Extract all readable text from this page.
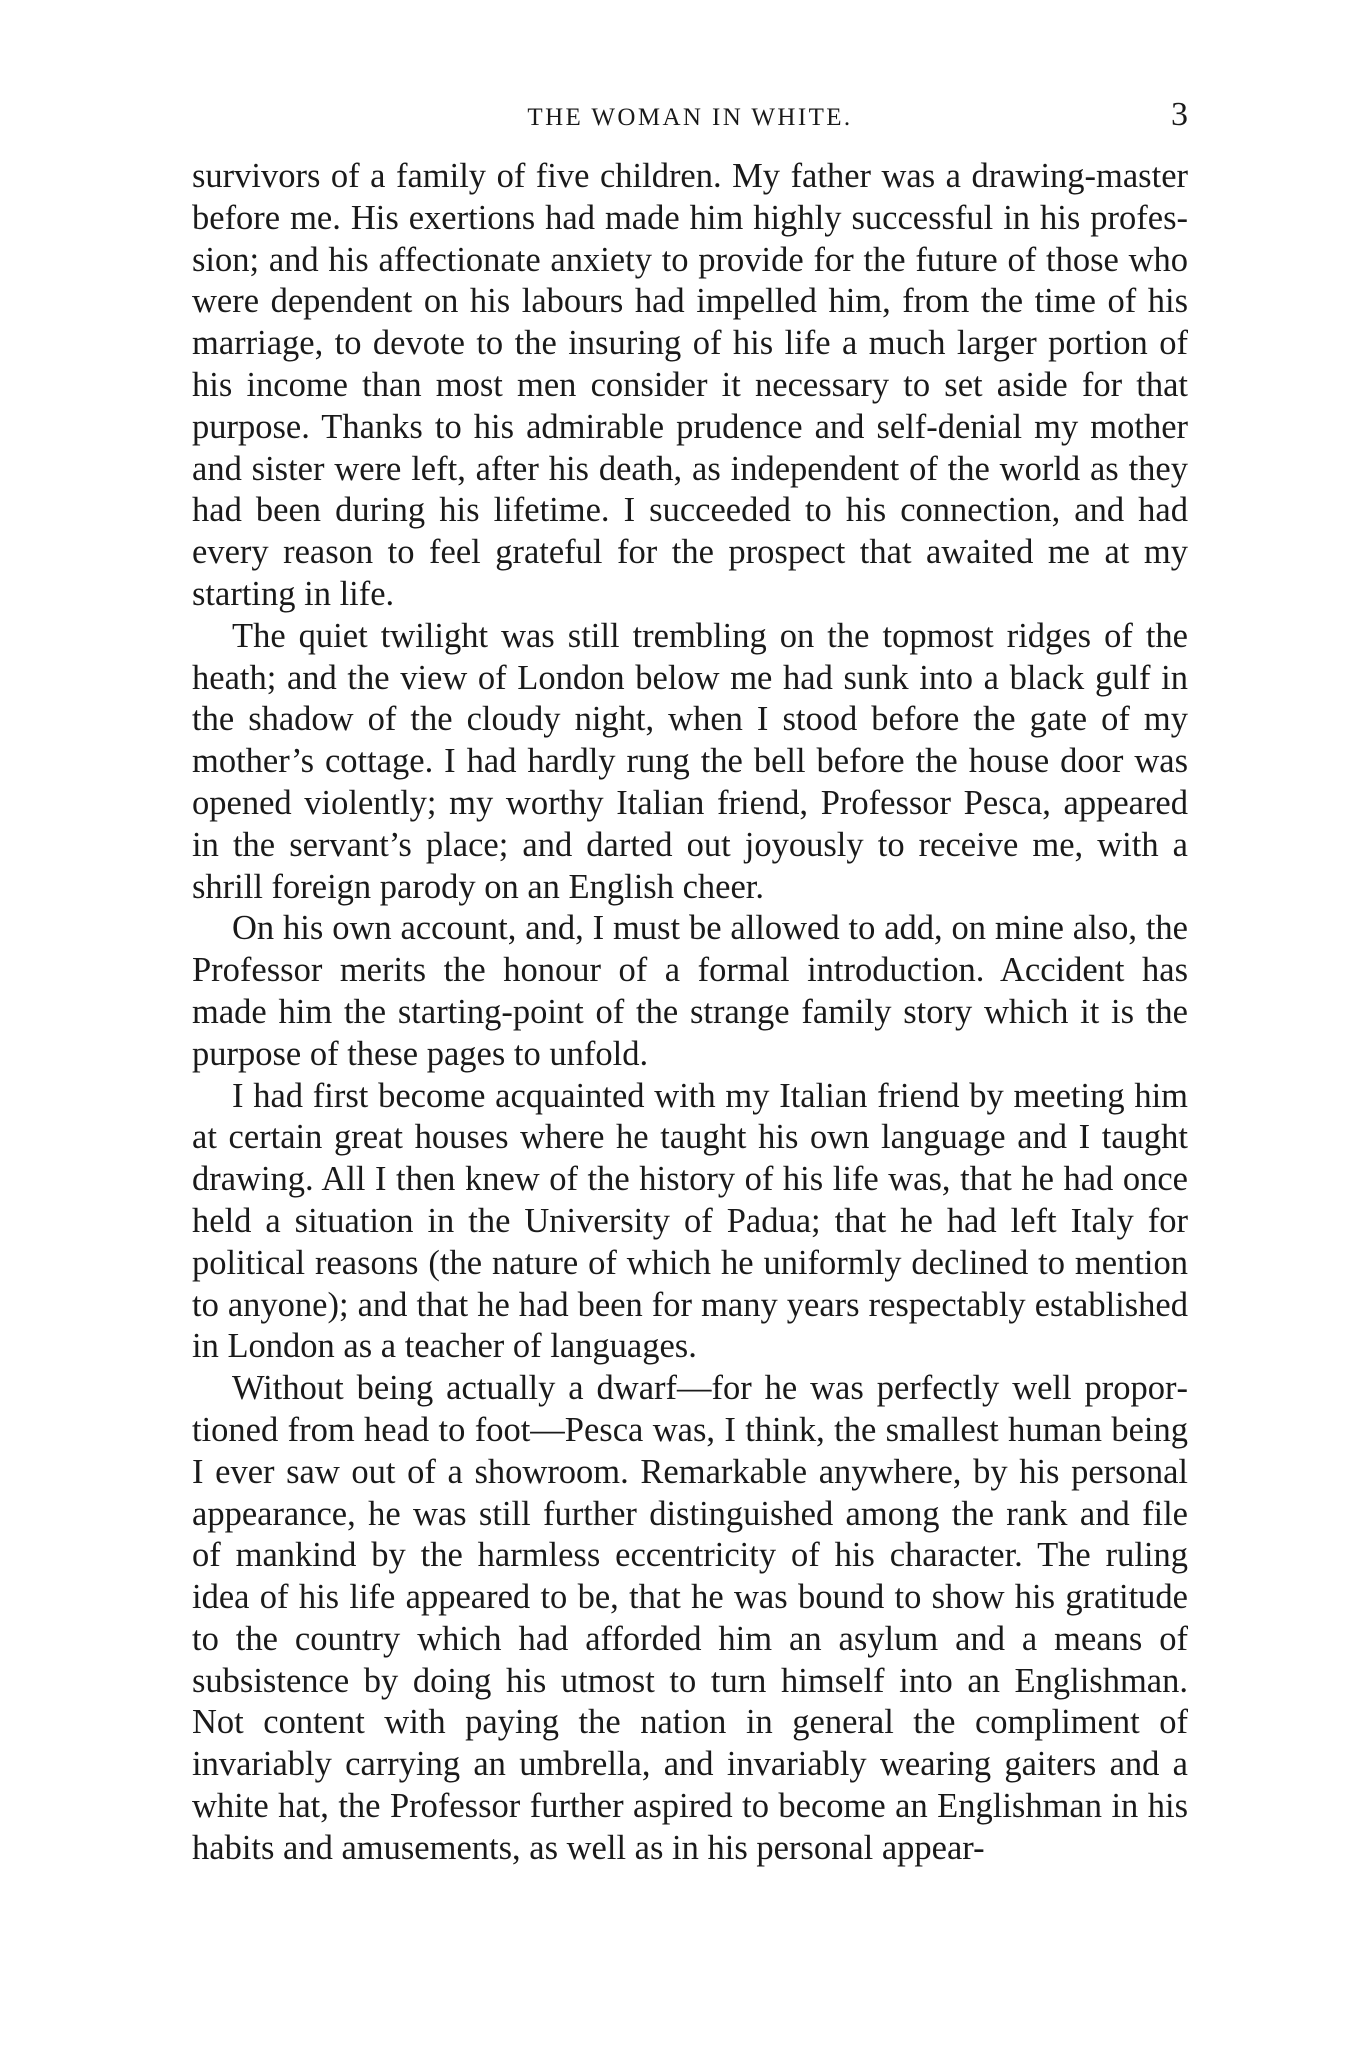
THE WOMAN IN WHITE.	3

survivors of a family of five children. My father was a drawing-master before me. His exertions had made him highly successful in his profession; and his affectionate anxiety to provide for the future of those who were dependent on his labours had impelled him, from the time of his marriage, to devote to the insuring of his life a much larger portion of his income than most men consider it necessary to set aside for that purpose. Thanks to his admirable prudence and self-denial my mother and sister were left, after his death, as independent of the world as they had been during his lifetime. I succeeded to his connection, and had every reason to feel grateful for the prospect that awaited me at my starting in life.

The quiet twilight was still trembling on the topmost ridges of the heath; and the view of London below me had sunk into a black gulf in the shadow of the cloudy night, when I stood before the gate of my mother’s cottage. I had hardly rung the bell before the house door was opened violently; my worthy Italian friend, Professor Pesca, appeared in the servant’s place; and darted out joyously to receive me, with a shrill foreign parody on an English cheer.

On his own account, and, I must be allowed to add, on mine also, the Professor merits the honour of a formal introduction. Accident has made him the starting-point of the strange family story which it is the purpose of these pages to unfold.

I had first become acquainted with my Italian friend by meeting him at certain great houses where he taught his own language and I taught drawing. All I then knew of the history of his life was, that he had once held a situation in the University of Padua; that he had left Italy for political reasons (the nature of which he uniformly declined to mention to anyone); and that he had been for many years respectably established in London as a teacher of languages.

Without being actually a dwarf—for he was perfectly well proportioned from head to foot—Pesca was, I think, the smallest human being I ever saw out of a showroom. Remarkable anywhere, by his personal appearance, he was still further distinguished among the rank and file of mankind by the harmless eccentricity of his character. The ruling idea of his life appeared to be, that he was bound to show his gratitude to the country which had afforded him an asylum and a means of subsistence by doing his utmost to turn himself into an Englishman. Not content with paying the nation in general the compliment of invariably carrying an umbrella, and invariably wearing gaiters and a white hat, the Professor further aspired to become an Englishman in his habits and amusements, as well as in his personal appear-
